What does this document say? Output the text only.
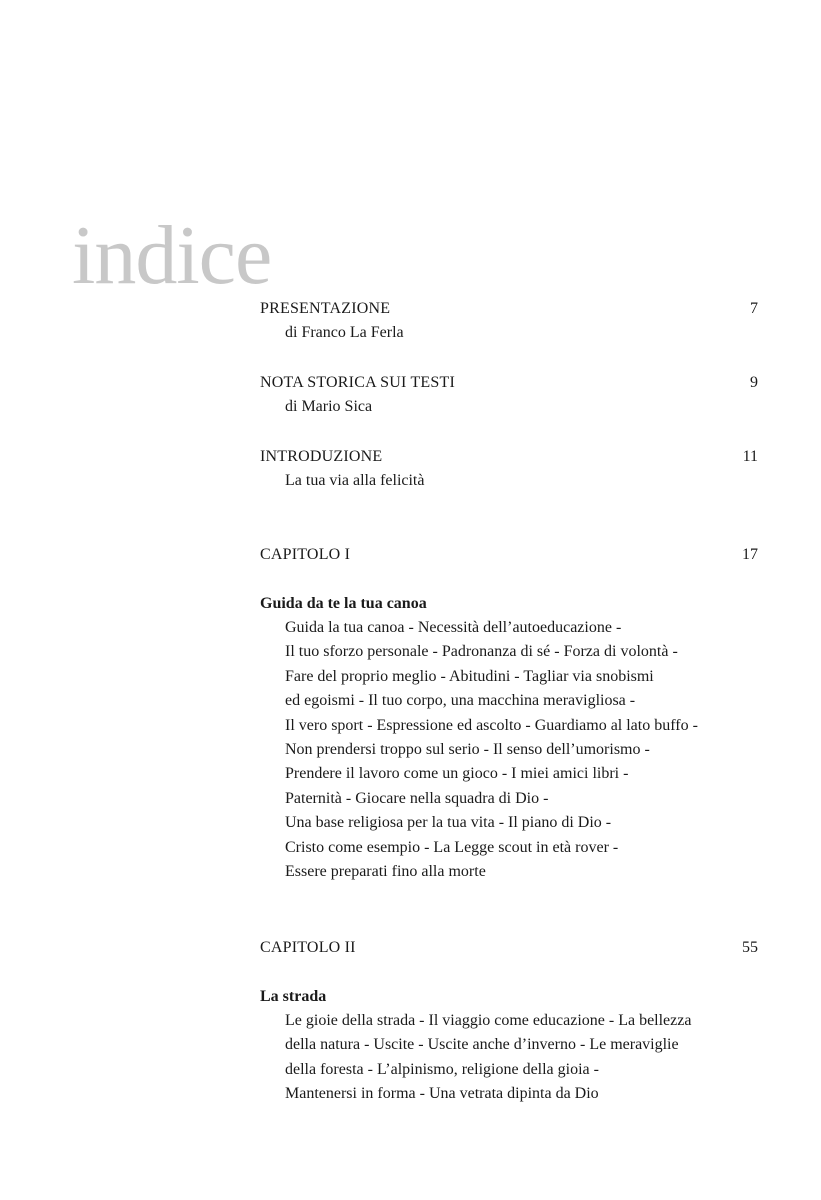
indice
PRESENTAZIONE	7
di Franco La Ferla
NOTA STORICA SUI TESTI	9
di Mario Sica
INTRODUZIONE	11
La tua via alla felicità
CAPITOLO I	17
Guida da te la tua canoa
Guida la tua canoa - Necessità dell’autoeducazione -
Il tuo sforzo personale - Padronanza di sé - Forza di volontà -
Fare del proprio meglio - Abitudini - Tagliar via snobismi
ed egoismi - Il tuo corpo, una macchina meravigliosa -
Il vero sport - Espressione ed ascolto - Guardiamo al lato buffo -
Non prendersi troppo sul serio - Il senso dell’umorismo -
Prendere il lavoro come un gioco - I miei amici libri -
Paternità - Giocare nella squadra di Dio -
Una base religiosa per la tua vita - Il piano di Dio -
Cristo come esempio - La Legge scout in età rover -
Essere preparati fino alla morte
CAPITOLO II	55
La strada
Le gioie della strada - Il viaggio come educazione - La bellezza
della natura - Uscite - Uscite anche d’inverno - Le meraviglie
della foresta - L’alpinismo, religione della gioia -
Mantenersi in forma - Una vetrata dipinta da Dio
